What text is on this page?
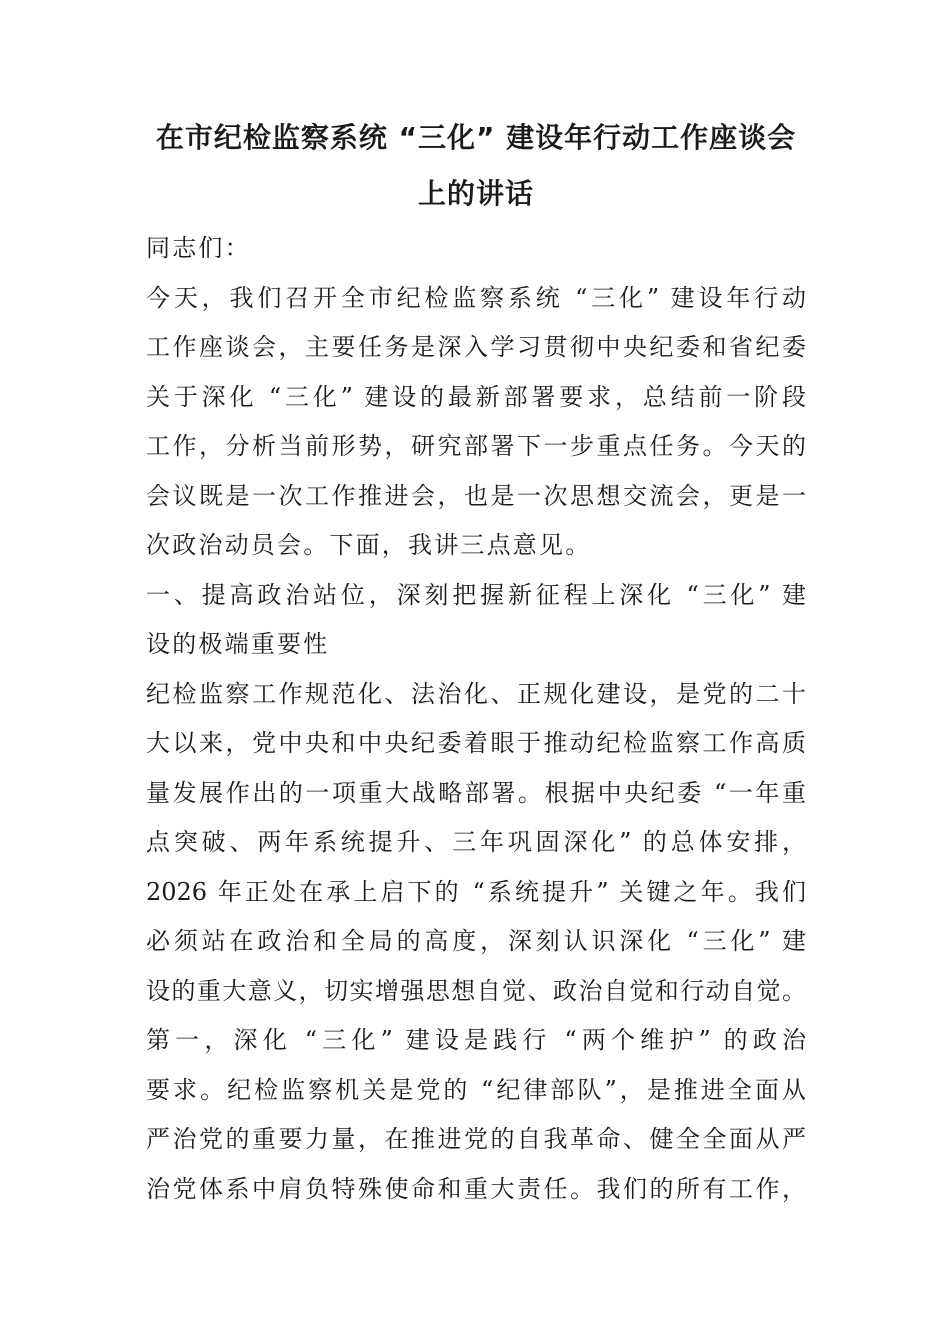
在市纪检监察系统 “三化” 建设年行动工作座谈会
上的讲话
同志们：
今天，我们召开全市纪检监察系统 “三化” 建设年行动
工作座谈会，主要任务是深入学习贯彻中央纪委和省纪委
关于深化 “三化” 建设的最新部署要求，总结前一阶段
工作，分析当前形势，研究部署下一步重点任务。今天的
会议既是一次工作推进会，也是一次思想交流会，更是一
次政治动员会。下面，我讲三点意见。
一、提高政治站位，深刻把握新征程上深化 “三化” 建
设的极端重要性
纪检监察工作规范化、法治化、正规化建设，是党的二十
大以来，党中央和中央纪委着眼于推动纪检监察工作高质
量发展作出的一项重大战略部署。根据中央纪委 “一年重
点突破、两年系统提升、三年巩固深化” 的总体安排，
2026 年正处在承上启下的 “系统提升” 关键之年。我们
必须站在政治和全局的高度，深刻认识深化 “三化” 建
设的重大意义，切实增强思想自觉、政治自觉和行动自觉。
第一，深化 “三化” 建设是践行 “两个维护” 的政治
要求。纪检监察机关是党的 “纪律部队”，是推进全面从
严治党的重要力量，在推进党的自我革命、健全全面从严
治党体系中肩负特殊使命和重大责任。我们的所有工作，
